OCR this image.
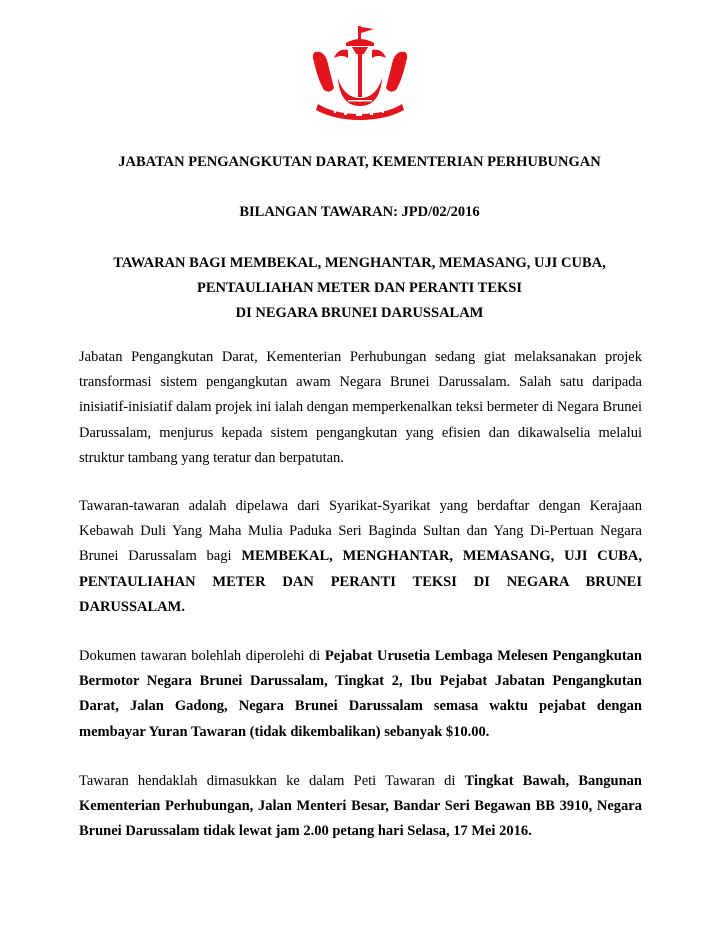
JABATAN PENGANGKUTAN DARAT, KEMENTERIAN PERHUBUNGAN

BILANGAN TAWARAN: JPD/02/2016

TAWARAN BAGI MEMBEKAL, MENGHANTAR, MEMASANG, UJI CUBA,
PENTAULIAHAN METER DAN PERANTI TEKSI
DI NEGARA BRUNEI DARUSSALAM

Jabatan Pengangkutan Darat, Kementerian Perhubungan sedang giat melaksanakan projek transformasi sistem pengangkutan awam Negara Brunei Darussalam. Salah satu daripada inisiatif-inisiatif dalam projek ini ialah dengan memperkenalkan teksi bermeter di Negara Brunei Darussalam, menjurus kepada sistem pengangkutan yang efisien dan dikawalselia melalui struktur tambang yang teratur dan berpatutan.

Tawaran-tawaran adalah dipelawa dari Syarikat-Syarikat yang berdaftar dengan Kerajaan Kebawah Duli Yang Maha Mulia Paduka Seri Baginda Sultan dan Yang Di-Pertuan Negara Brunei Darussalam bagi MEMBEKAL, MENGHANTAR, MEMASANG, UJI CUBA, PENTAULIAHAN METER DAN PERANTI TEKSI DI NEGARA BRUNEI DARUSSALAM.

Dokumen tawaran bolehlah diperolehi di Pejabat Urusetia Lembaga Melesen Pengangkutan Bermotor Negara Brunei Darussalam, Tingkat 2, Ibu Pejabat Jabatan Pengangkutan Darat, Jalan Gadong, Negara Brunei Darussalam semasa waktu pejabat dengan membayar Yuran Tawaran (tidak dikembalikan) sebanyak $10.00.

Tawaran hendaklah dimasukkan ke dalam Peti Tawaran di Tingkat Bawah, Bangunan Kementerian Perhubungan, Jalan Menteri Besar, Bandar Seri Begawan BB 3910, Negara Brunei Darussalam tidak lewat jam 2.00 petang hari Selasa, 17 Mei 2016.
